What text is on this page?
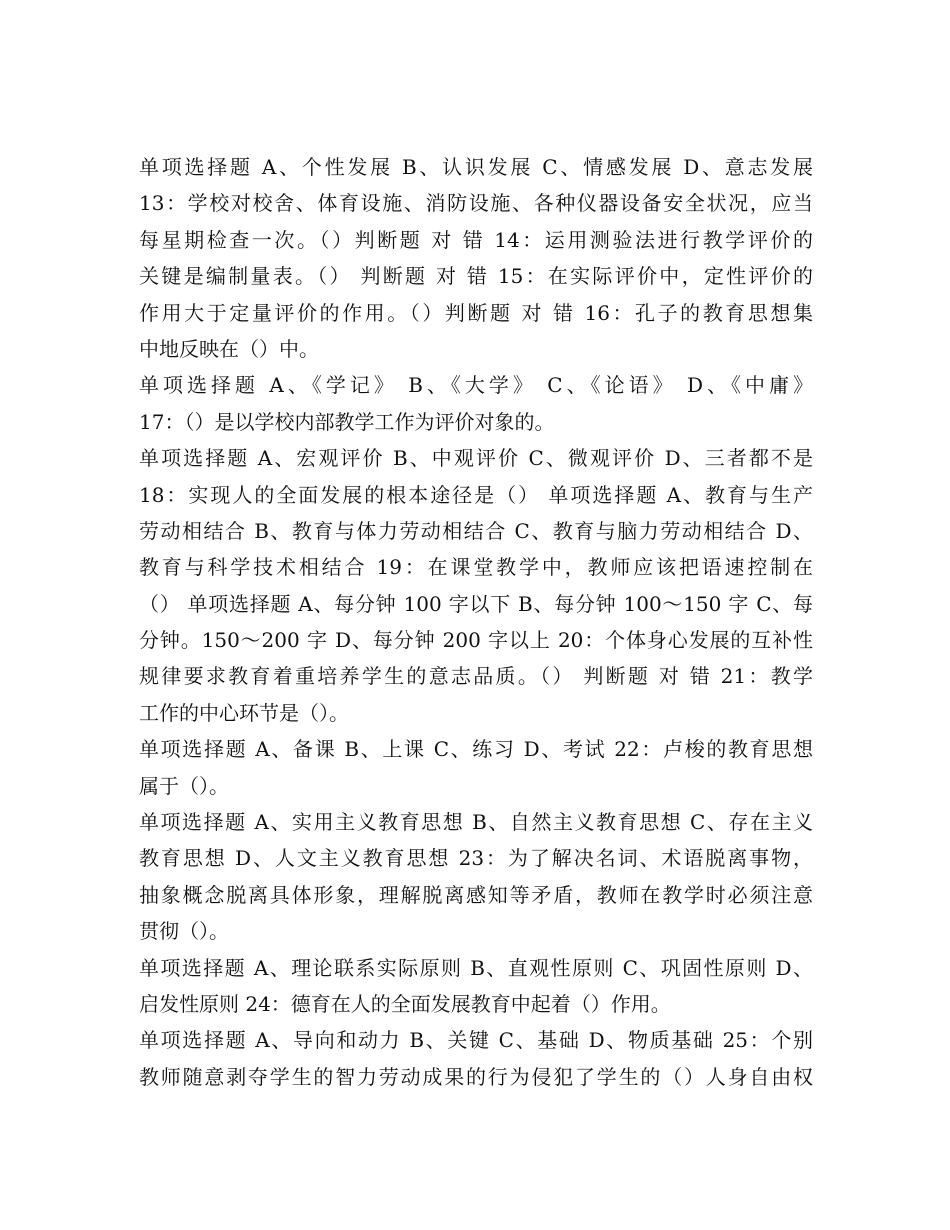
单项选择题 A、个性发展 B、认识发展 C、情感发展 D、意志发展
13：学校对校舍、体育设施、消防设施、各种仪器设备安全状况，应当
每星期检查一次。（）判断题 对 错 14：运用测验法进行教学评价的
关键是编制量表。（） 判断题 对 错 15：在实际评价中，定性评价的
作用大于定量评价的作用。（）判断题 对 错 16：孔子的教育思想集
中地反映在（）中。
单项选择题 A、《学记》 B、《大学》 C、《论语》 D、《中庸》
17：（）是以学校内部教学工作为评价对象的。
单项选择题 A、宏观评价 B、中观评价 C、微观评价 D、三者都不是
18：实现人的全面发展的根本途径是（） 单项选择题 A、教育与生产
劳动相结合 B、教育与体力劳动相结合 C、教育与脑力劳动相结合 D、
教育与科学技术相结合 19：在课堂教学中，教师应该把语速控制在
（） 单项选择题 A、每分钟 100 字以下 B、每分钟 100～150 字 C、每
分钟。150～200 字 D、每分钟 200 字以上 20：个体身心发展的互补性
规律要求教育着重培养学生的意志品质。（） 判断题 对 错 21：教学
工作的中心环节是（）。
单项选择题 A、备课 B、上课 C、练习 D、考试 22：卢梭的教育思想
属于（）。
单项选择题 A、实用主义教育思想 B、自然主义教育思想 C、存在主义
教育思想 D、人文主义教育思想 23：为了解决名词、术语脱离事物，
抽象概念脱离具体形象，理解脱离感知等矛盾，教师在教学时必须注意
贯彻（）。
单项选择题 A、理论联系实际原则 B、直观性原则 C、巩固性原则 D、
启发性原则 24：德育在人的全面发展教育中起着（）作用。
单项选择题 A、导向和动力 B、关键 C、基础 D、物质基础 25：个别
教师随意剥夺学生的智力劳动成果的行为侵犯了学生的（）人身自由权
